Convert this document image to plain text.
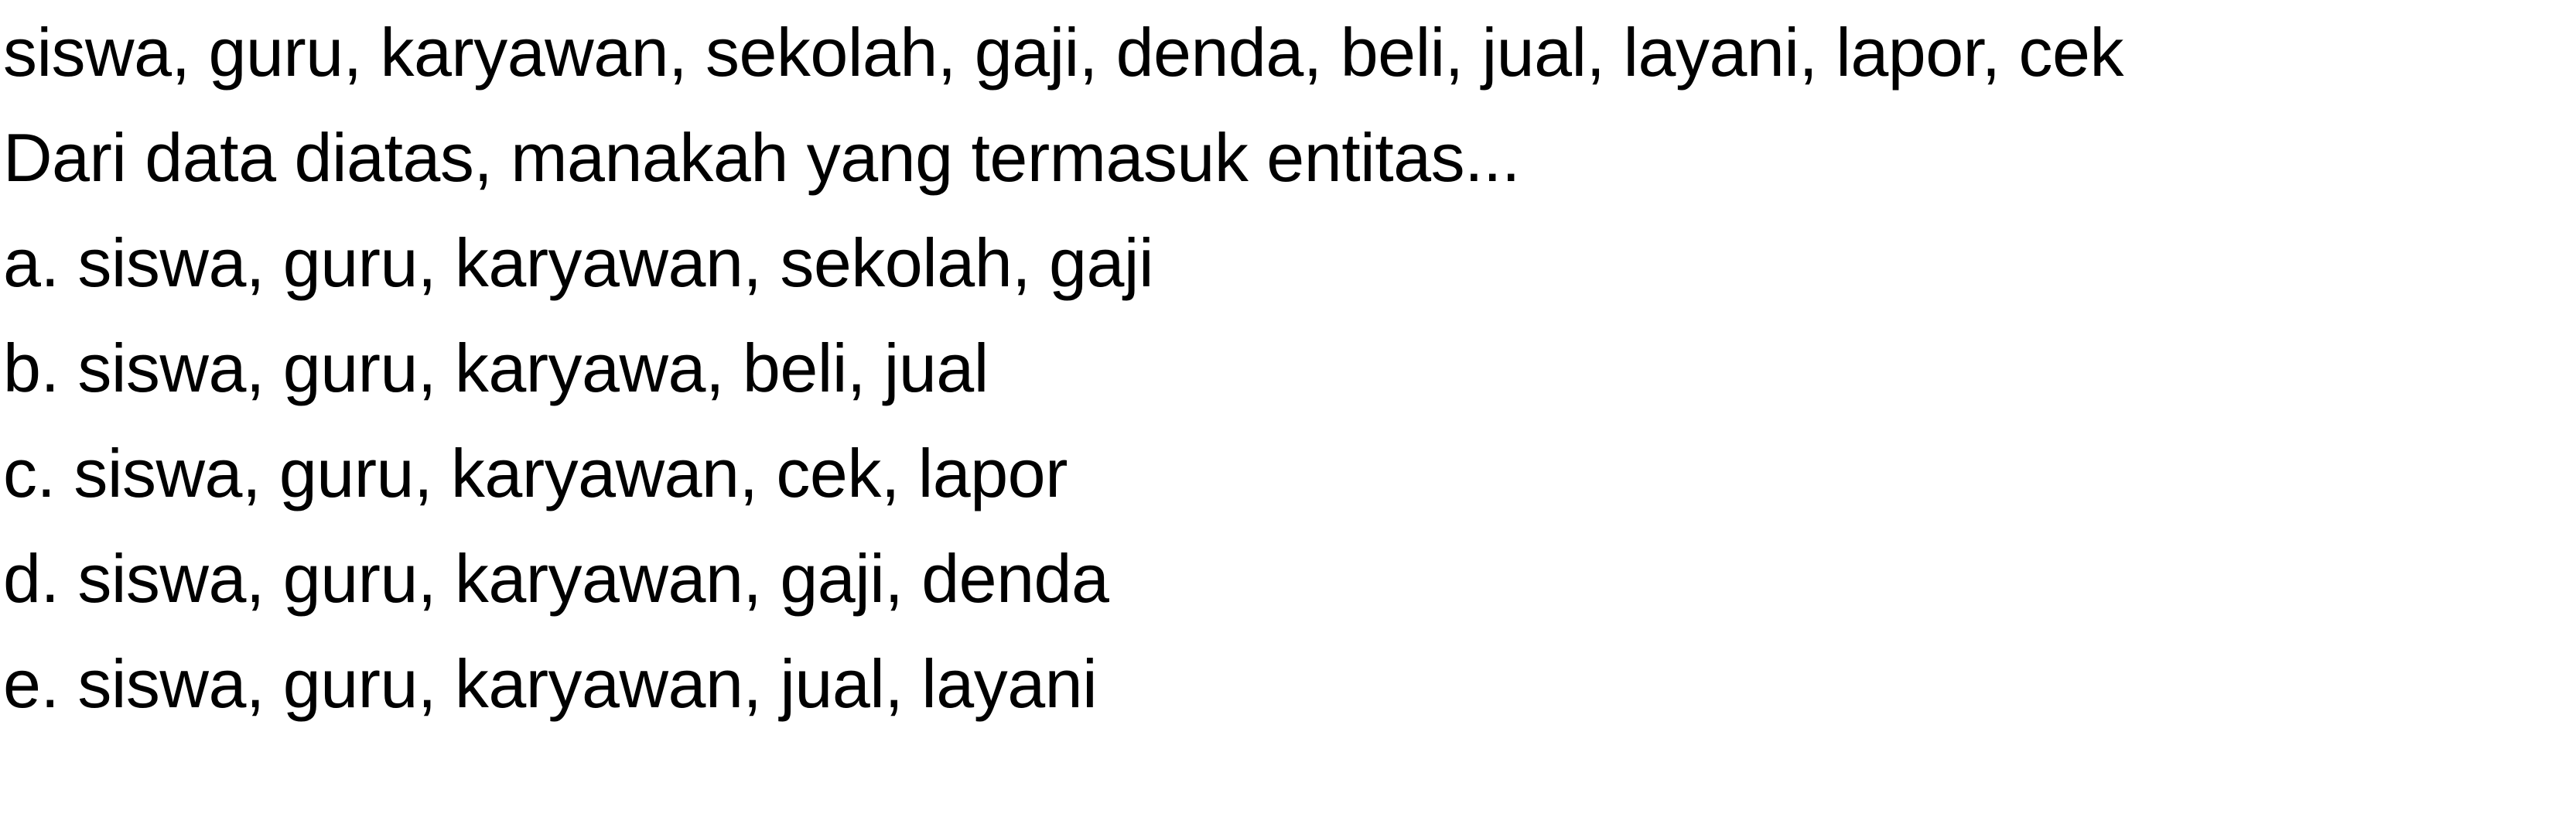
siswa, guru, karyawan, sekolah, gaji, denda, beli, jual, layani, lapor, cek
Dari data diatas, manakah yang termasuk entitas...
a. siswa, guru, karyawan, sekolah, gaji
b. siswa, guru, karyawa, beli, jual
c. siswa, guru, karyawan, cek, lapor
d. siswa, guru, karyawan, gaji, denda
e. siswa, guru, karyawan, jual, layani
